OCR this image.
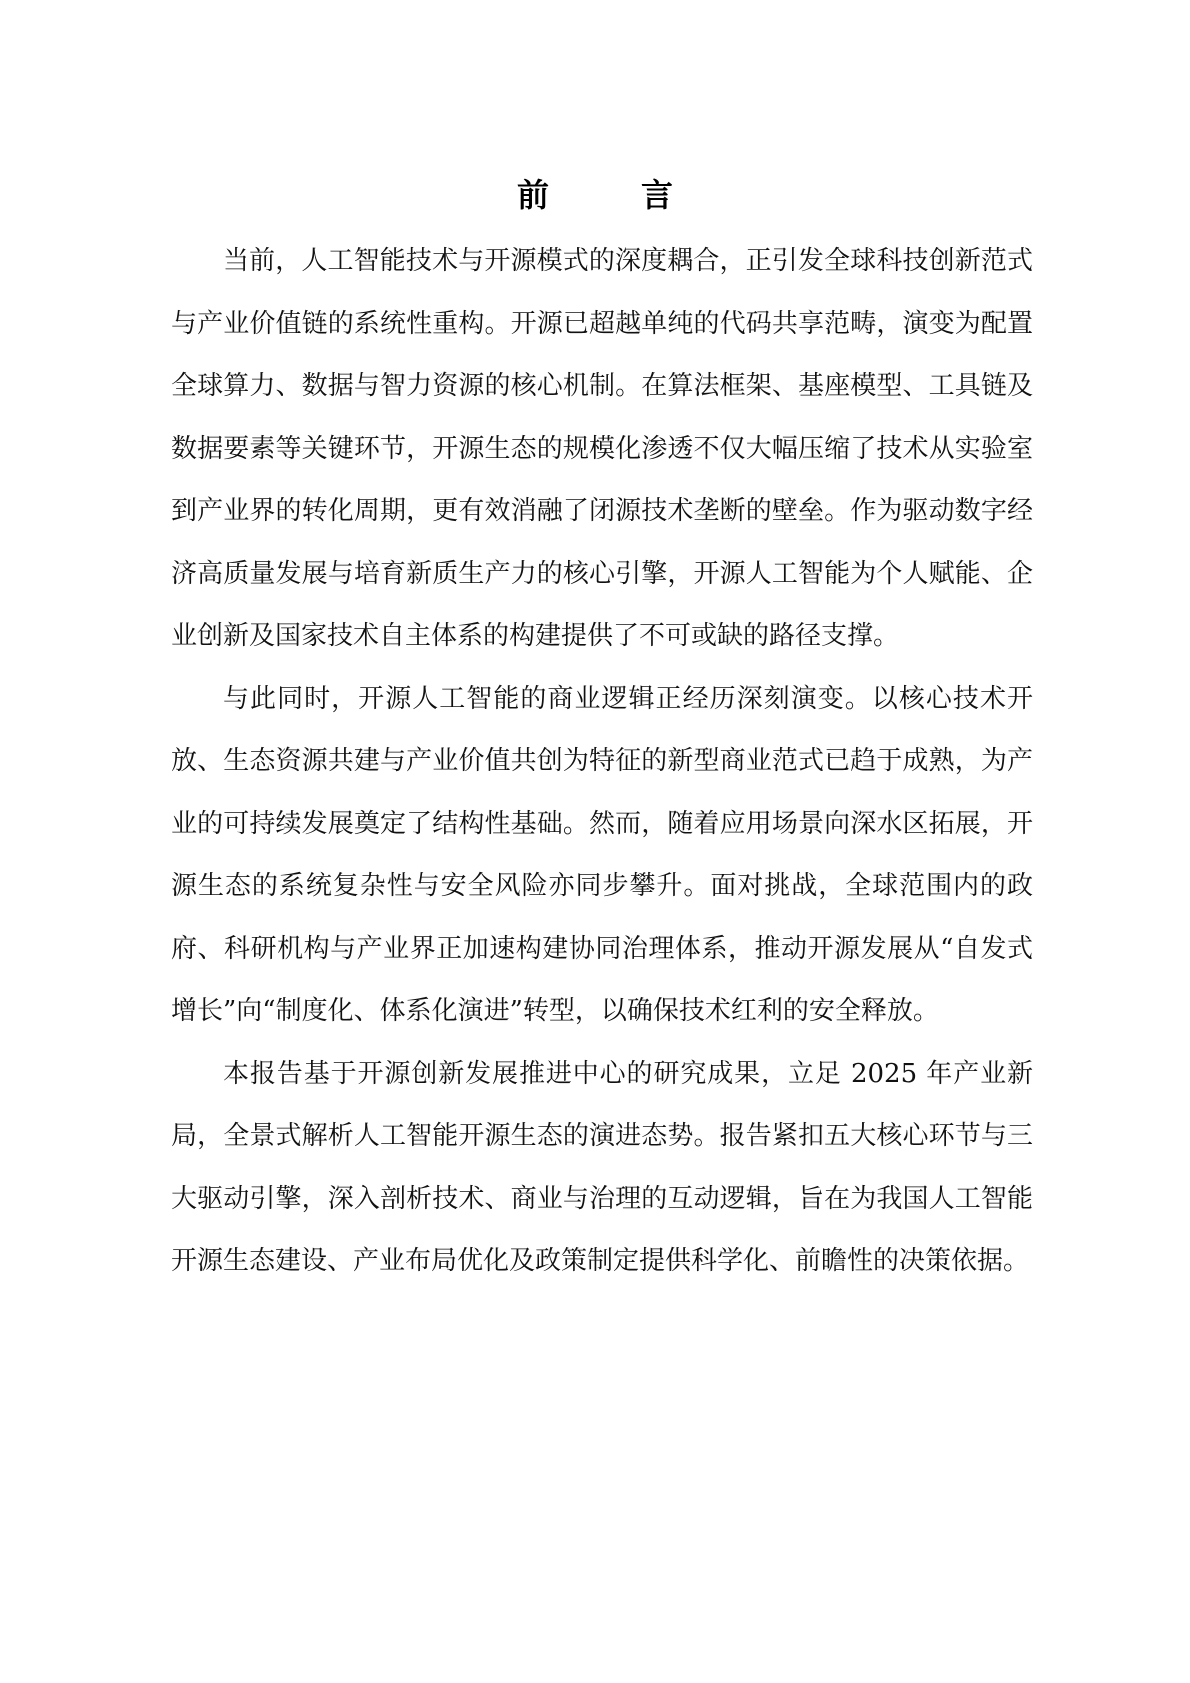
前　言

当前，人工智能技术与开源模式的深度耦合，正引发全球科技创新范式与产业价值链的系统性重构。开源已超越单纯的代码共享范畴，演变为配置全球算力、数据与智力资源的核心机制。在算法框架、基座模型、工具链及数据要素等关键环节，开源生态的规模化渗透不仅大幅压缩了技术从实验室到产业界的转化周期，更有效消融了闭源技术垄断的壁垒。作为驱动数字经济高质量发展与培育新质生产力的核心引擎，开源人工智能为个人赋能、企业创新及国家技术自主体系的构建提供了不可或缺的路径支撑。

与此同时，开源人工智能的商业逻辑正经历深刻演变。以核心技术开放、生态资源共建与产业价值共创为特征的新型商业范式已趋于成熟，为产业的可持续发展奠定了结构性基础。然而，随着应用场景向深水区拓展，开源生态的系统复杂性与安全风险亦同步攀升。面对挑战，全球范围内的政府、科研机构与产业界正加速构建协同治理体系，推动开源发展从“自发式增长”向“制度化、体系化演进”转型，以确保技术红利的安全释放。

本报告基于开源创新发展推进中心的研究成果，立足 2025 年产业新局，全景式解析人工智能开源生态的演进态势。报告紧扣五大核心环节与三大驱动引擎，深入剖析技术、商业与治理的互动逻辑，旨在为我国人工智能开源生态建设、产业布局优化及政策制定提供科学化、前瞻性的决策依据。
